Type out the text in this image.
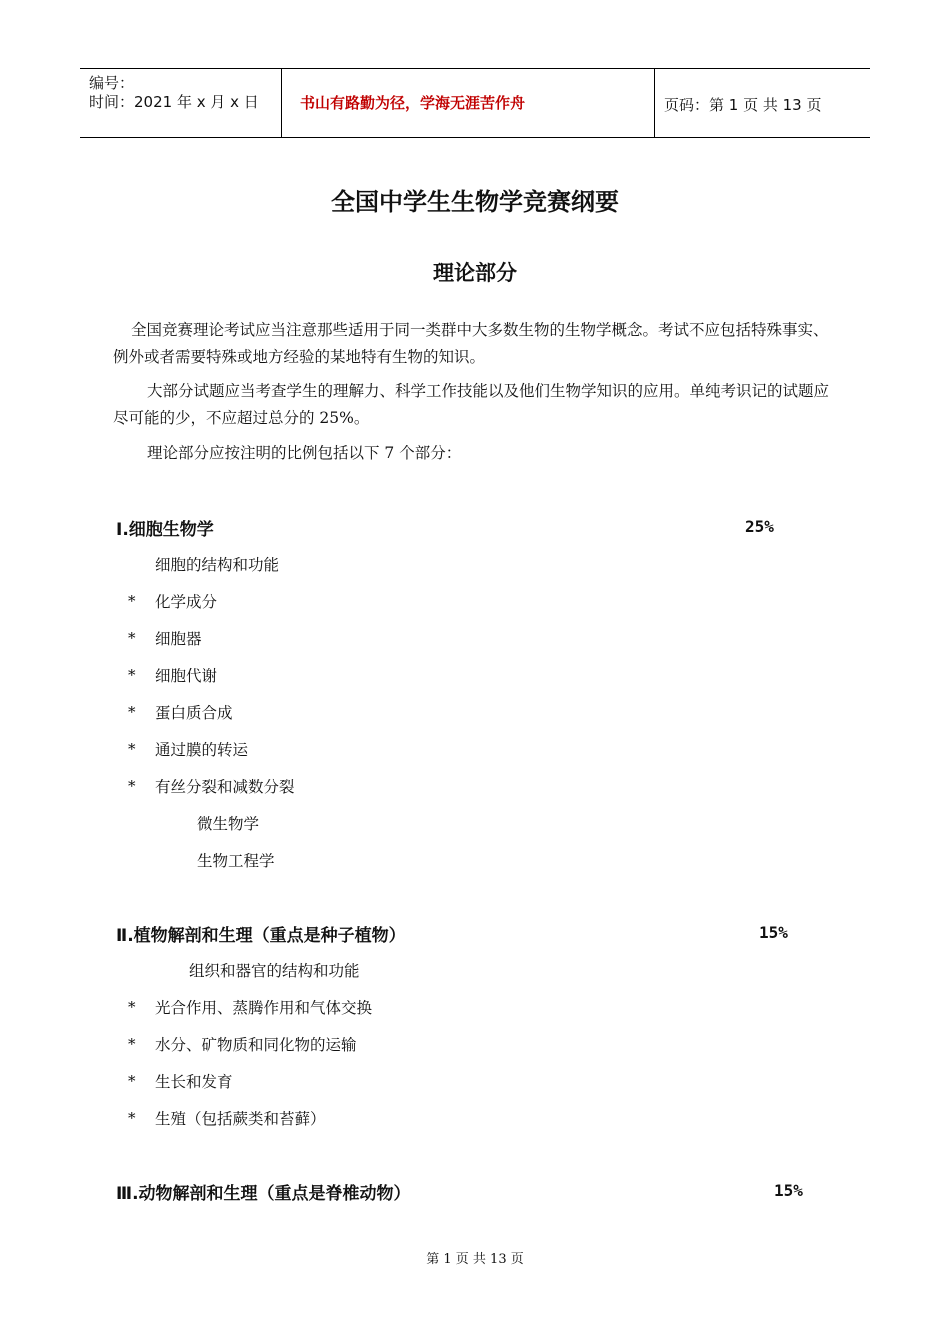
编号：
时间：2021 年 x 月 x 日	书山有路勤为径，学海无涯苦作舟	页码：第 1 页 共 13 页
全国中学生生物学竞赛纲要
理论部分
全国竞赛理论考试应当注意那些适用于同一类群中大多数生物的生物学概念。考试不应包括特殊事实、例外或者需要特殊或地方经验的某地特有生物的知识。
大部分试题应当考查学生的理解力、科学工作技能以及他们生物学知识的应用。单纯考识记的试题应尽可能的少，不应超过总分的 25%。
理论部分应按注明的比例包括以下 7 个部分：
Ⅰ.细胞生物学	25%
细胞的结构和功能
* 化学成分
* 细胞器
* 细胞代谢
* 蛋白质合成
* 通过膜的转运
* 有丝分裂和减数分裂
微生物学
生物工程学
Ⅱ.植物解剖和生理（重点是种子植物）	15%
组织和器官的结构和功能
* 光合作用、蒸腾作用和气体交换
* 水分、矿物质和同化物的运输
* 生长和发育
* 生殖（包括蕨类和苔藓）
Ⅲ.动物解剖和生理（重点是脊椎动物）	15%
第 1 页 共 13 页
